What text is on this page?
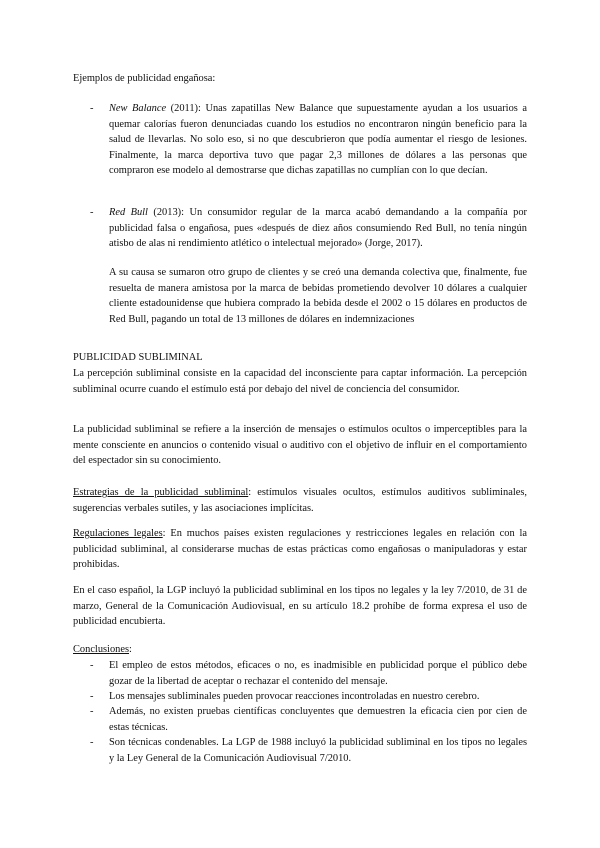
Ejemplos de publicidad engañosa:

- New Balance (2011): Unas zapatillas New Balance que supuestamente ayudan a los usuarios a quemar calorías fueron denunciadas cuando los estudios no encontraron ningún beneficio para la salud de llevarlas. No solo eso, si no que descubrieron que podía aumentar el riesgo de lesiones. Finalmente, la marca deportiva tuvo que pagar 2,3 millones de dólares a las personas que compraron ese modelo al demostrarse que dichas zapatillas no cumplían con lo que decían.
- Red Bull (2013): Un consumidor regular de la marca acabó demandando a la compañía por publicidad falsa o engañosa, pues «después de diez años consumiendo Red Bull, no tenía ningún atisbo de alas ni rendimiento atlético o intelectual mejorado» (Jorge, 2017).

A su causa se sumaron otro grupo de clientes y se creó una demanda colectiva que, finalmente, fue resuelta de manera amistosa por la marca de bebidas prometiendo devolver 10 dólares a cualquier cliente estadounidense que hubiera comprado la bebida desde el 2002 o 15 dólares en productos de Red Bull, pagando un total de 13 millones de dólares en indemnizaciones

PUBLICIDAD SUBLIMINAL

La percepción subliminal consiste en la capacidad del inconsciente para captar información. La percepción subliminal ocurre cuando el estímulo está por debajo del nivel de conciencia del consumidor.

La publicidad subliminal se refiere a la inserción de mensajes o estímulos ocultos o imperceptibles para la mente consciente en anuncios o contenido visual o auditivo con el objetivo de influir en el comportamiento del espectador sin su conocimiento.

Estrategias de la publicidad subliminal: estímulos visuales ocultos, estímulos auditivos subliminales, sugerencias verbales sutiles, y las asociaciones implícitas.

Regulaciones legales: En muchos países existen regulaciones y restricciones legales en relación con la publicidad subliminal, al considerarse muchas de estas prácticas como engañosas o manipuladoras y estar prohibidas.

En el caso español, la LGP incluyó la publicidad subliminal en los tipos no legales y la ley 7/2010, de 31 de marzo, General de la Comunicación Audiovisual, en su artículo 18.2 prohíbe de forma expresa el uso de publicidad encubierta.

Conclusiones:

- El empleo de estos métodos, eficaces o no, es inadmisible en publicidad porque el público debe gozar de la libertad de aceptar o rechazar el contenido del mensaje.
- Los mensajes subliminales pueden provocar reacciones incontroladas en nuestro cerebro.
- Además, no existen pruebas científicas concluyentes que demuestren la eficacia cien por cien de estas técnicas.
- Son técnicas condenables. La LGP de 1988 incluyó la publicidad subliminal en los tipos no legales y la Ley General de la Comunicación Audiovisual 7/2010.
